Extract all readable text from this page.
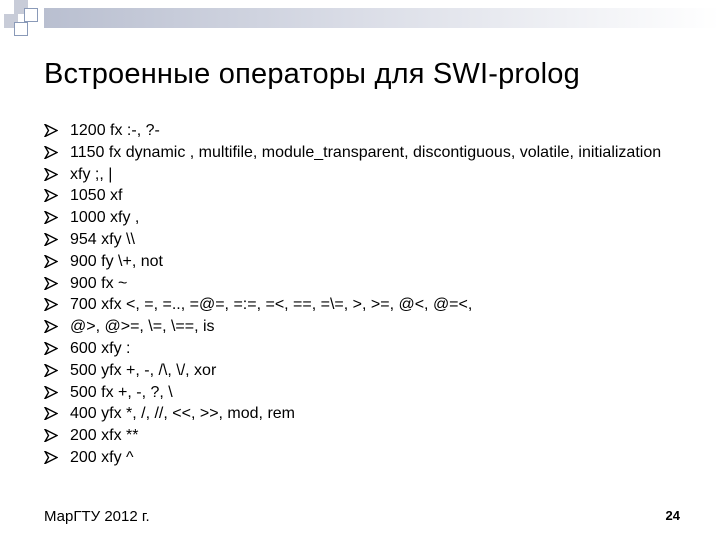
Встроенные операторы для SWI-prolog
1200 fx :-, ?-
1150 fx dynamic , multifile, module_transparent, discontiguous, volatile, initialization
xfy ;, |
1050 xf
1000 xfy ,
954 xfy \\
900 fy \+, not
900 fx ~
700 xfx <, =, =.., =@=, =:=, =<, ==, =\=, >, >=, @<, @=<,
@>, @>=, \=, \==, is
600 xfy :
500 yfx +, -, /\, \/, xor
500 fx +, -, ?, \
400 yfx *, /, //, <<, >>, mod, rem
200 xfx **
200 xfy ^
МарГТУ 2012 г.	24
